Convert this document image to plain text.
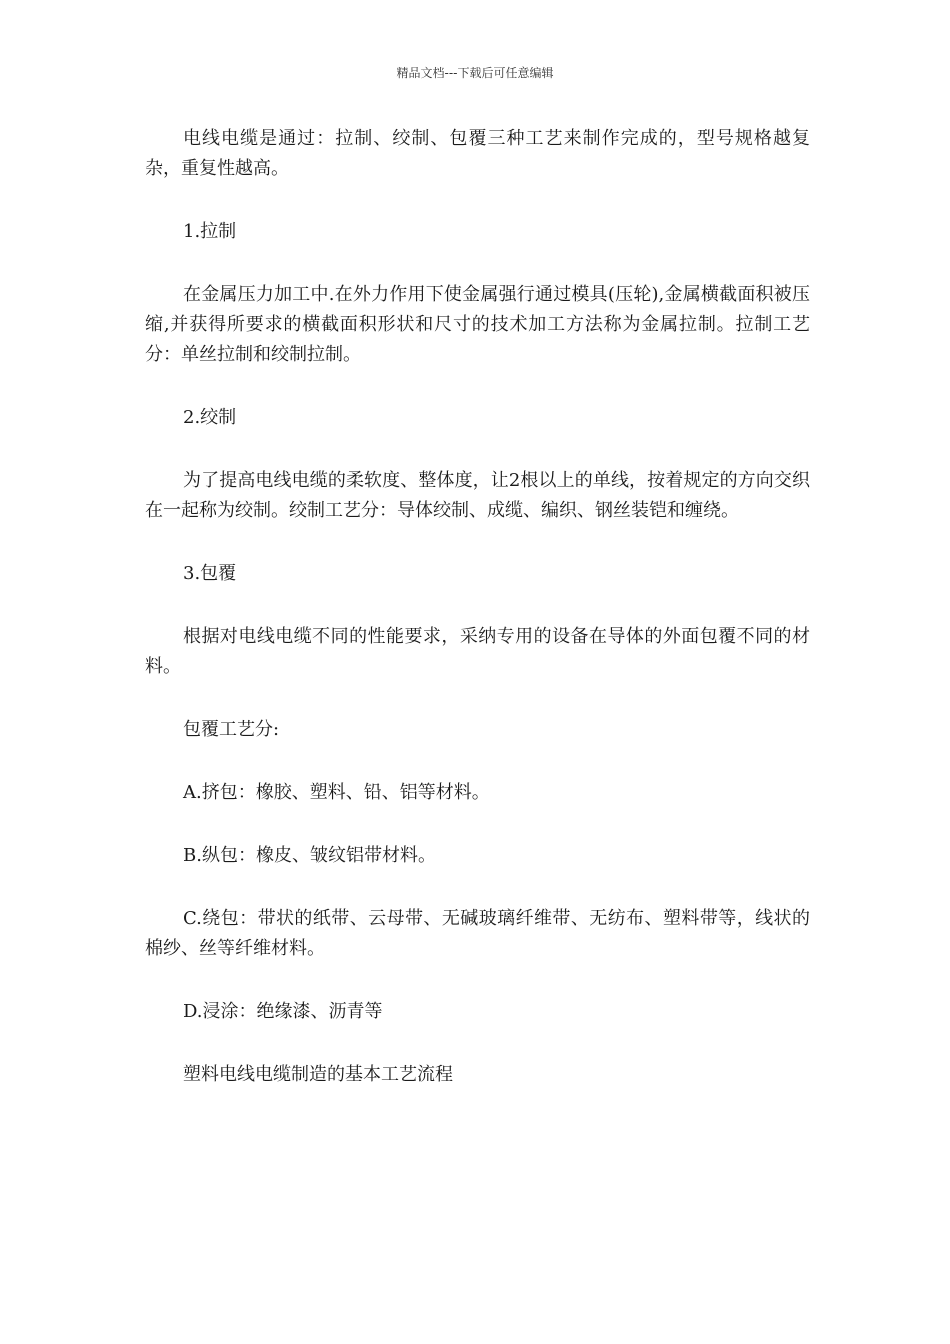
精品文档---下载后可任意编辑

电线电缆是通过：拉制、绞制、包覆三种工艺来制作完成的，型号规格越复杂，重复性越高。

1.拉制

在金属压力加工中.在外力作用下使金属强行通过模具(压轮),金属横截面积被压缩,并获得所要求的横截面积形状和尺寸的技术加工方法称为金属拉制。拉制工艺分：单丝拉制和绞制拉制。

2.绞制

为了提高电线电缆的柔软度、整体度，让2根以上的单线，按着规定的方向交织在一起称为绞制。绞制工艺分：导体绞制、成缆、编织、钢丝装铠和缠绕。

3.包覆

根据对电线电缆不同的性能要求，采纳专用的设备在导体的外面包覆不同的材料。

包覆工艺分:

A.挤包：橡胶、塑料、铅、铝等材料。

B.纵包：橡皮、皱纹铝带材料。

C.绕包：带状的纸带、云母带、无碱玻璃纤维带、无纺布、塑料带等，线状的棉纱、丝等纤维材料。

D.浸涂：绝缘漆、沥青等

塑料电线电缆制造的基本工艺流程
